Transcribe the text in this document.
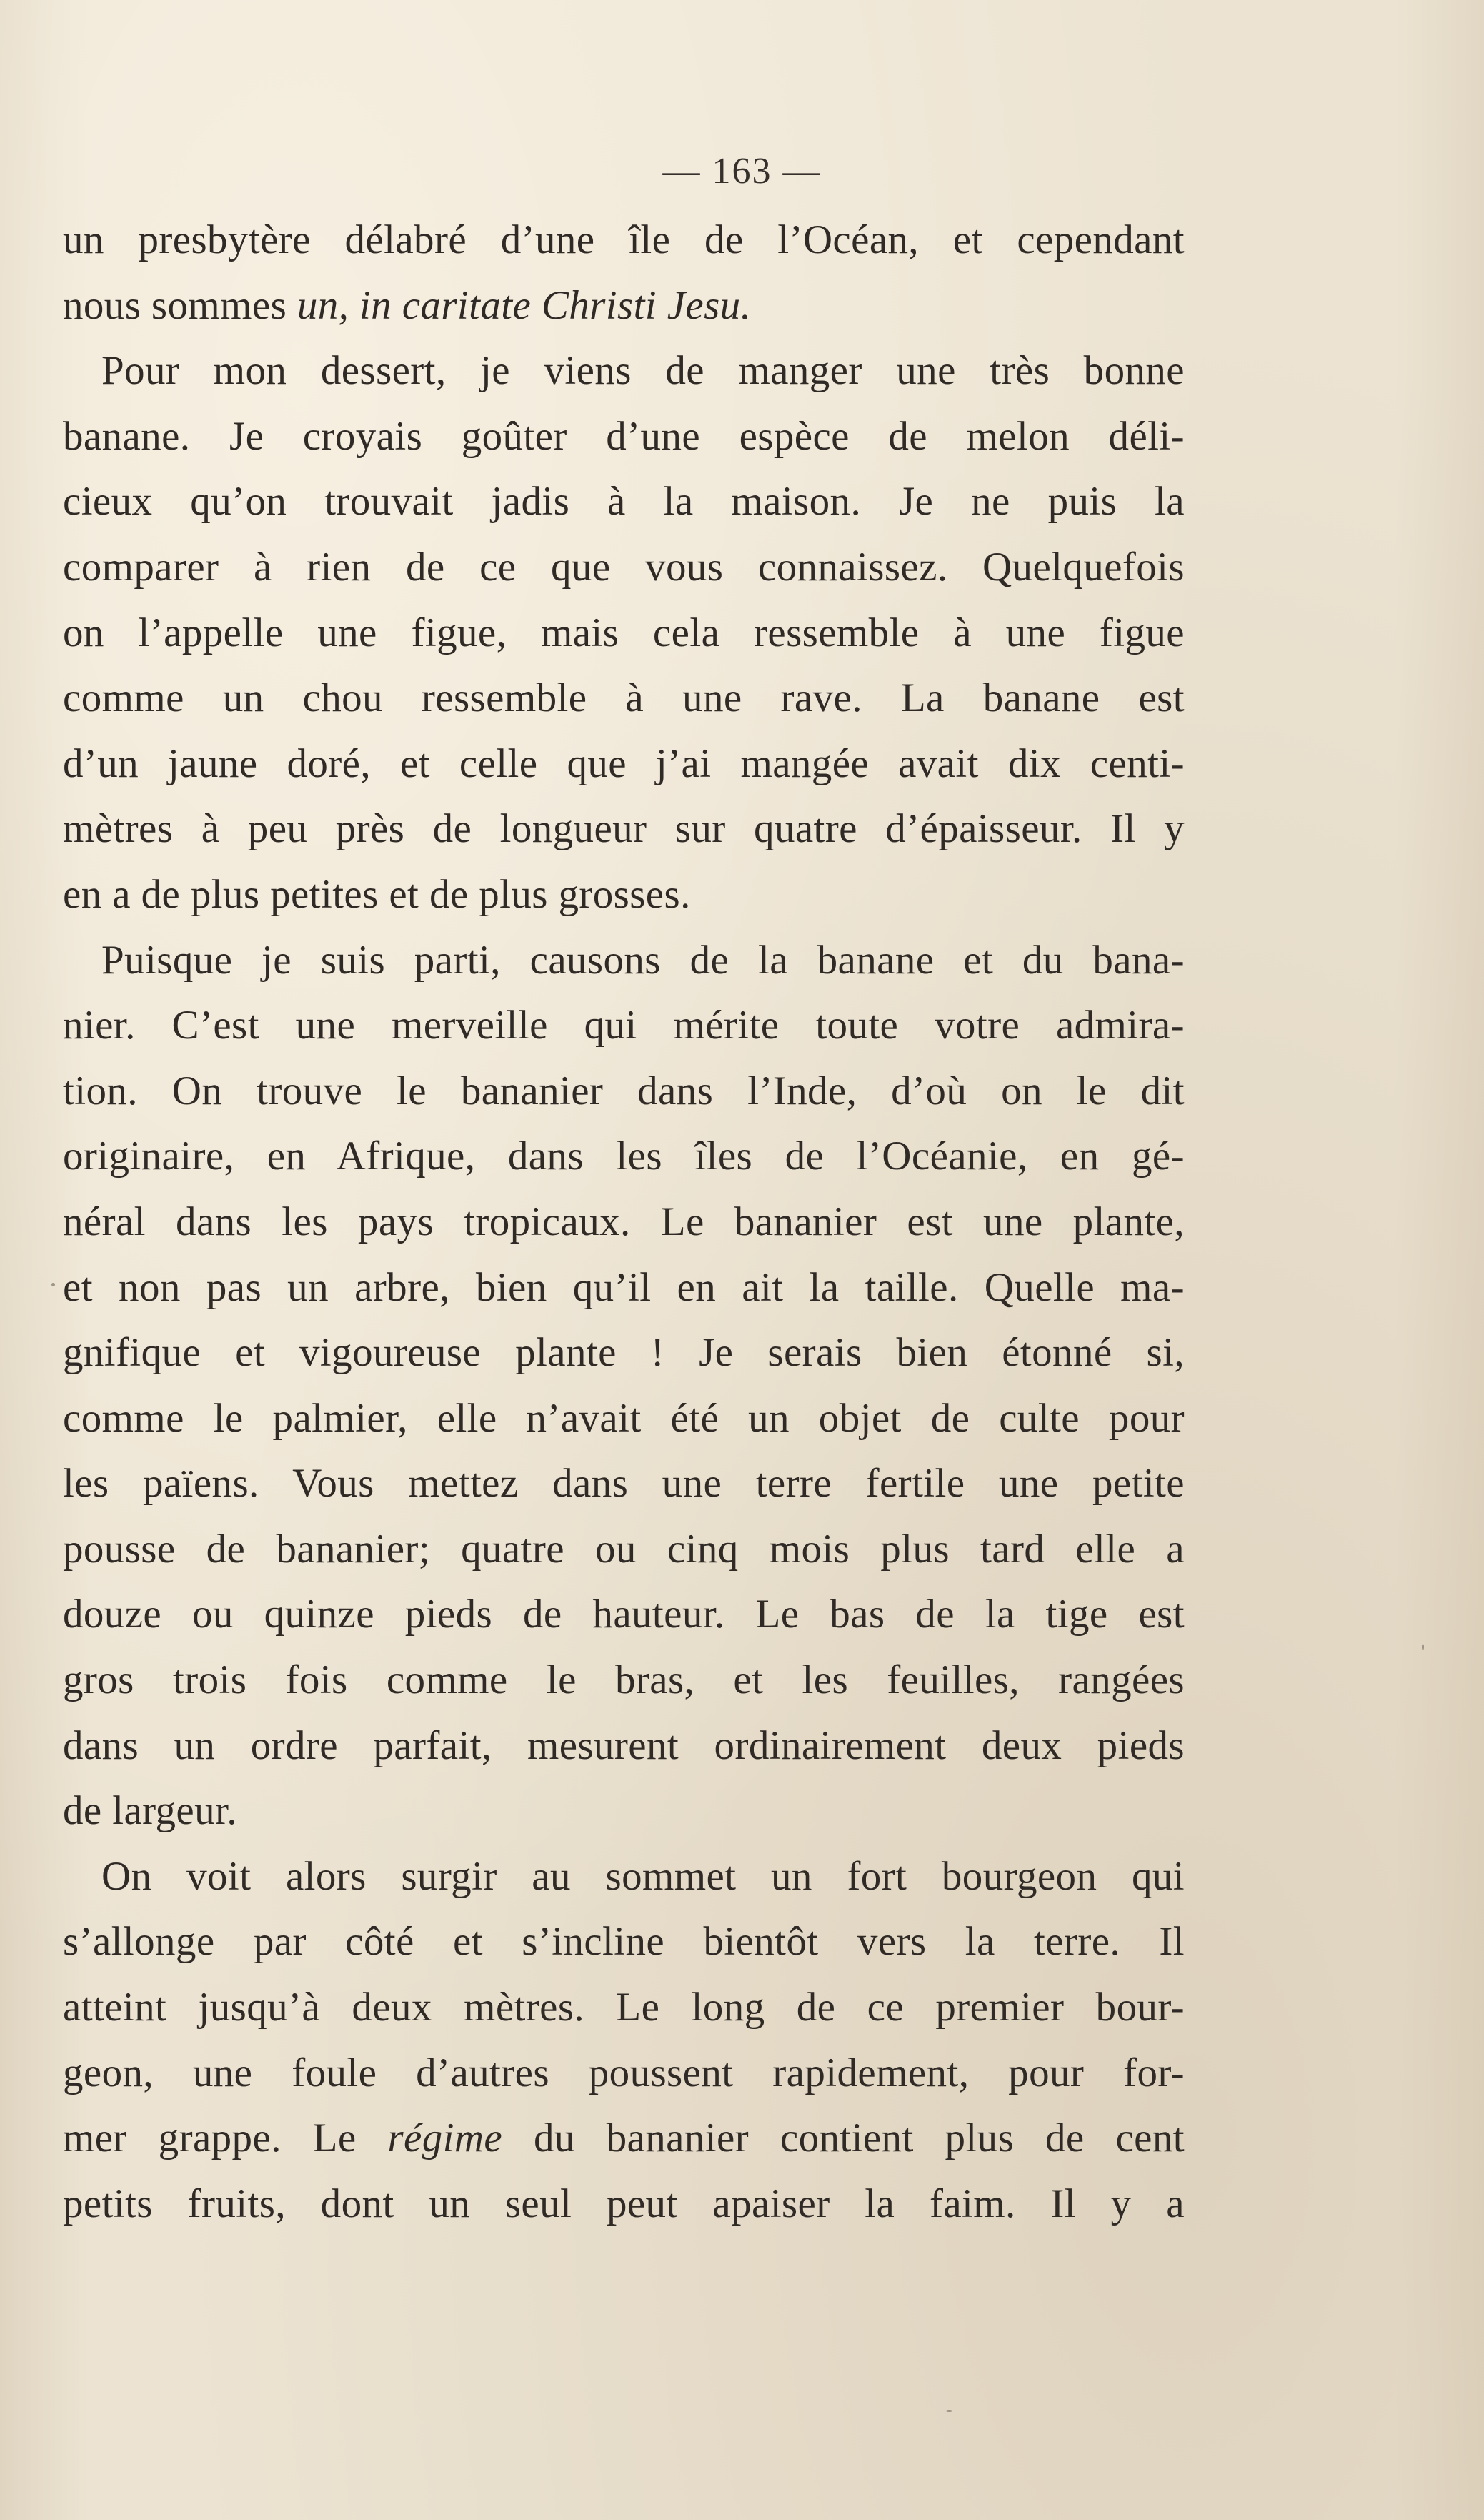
— 163 —
un presbytère délabré d’une île de l’Océan, et cependant
nous sommes un, in caritate Christi Jesu.
Pour mon dessert, je viens de manger une très bonne
banane. Je croyais goûter d’une espèce de melon déli-
cieux qu’on trouvait jadis à la maison. Je ne puis la
comparer à rien de ce que vous connaissez. Quelquefois
on l’appelle une figue, mais cela ressemble à une figue
comme un chou ressemble à une rave. La banane est
d’un jaune doré, et celle que j’ai mangée avait dix centi-
mètres à peu près de longueur sur quatre d’épaisseur. Il y
en a de plus petites et de plus grosses.
Puisque je suis parti, causons de la banane et du bana-
nier. C’est une merveille qui mérite toute votre admira-
tion. On trouve le bananier dans l’Inde, d’où on le dit
originaire, en Afrique, dans les îles de l’Océanie, en gé-
néral dans les pays tropicaux. Le bananier est une plante,
et non pas un arbre, bien qu’il en ait la taille. Quelle ma-
gnifique et vigoureuse plante ! Je serais bien étonné si,
comme le palmier, elle n’avait été un objet de culte pour
les païens. Vous mettez dans une terre fertile une petite
pousse de bananier; quatre ou cinq mois plus tard elle a
douze ou quinze pieds de hauteur. Le bas de la tige est
gros trois fois comme le bras, et les feuilles, rangées
dans un ordre parfait, mesurent ordinairement deux pieds
de largeur.
On voit alors surgir au sommet un fort bourgeon qui
s’allonge par côté et s’incline bientôt vers la terre. Il
atteint jusqu’à deux mètres. Le long de ce premier bour-
geon, une foule d’autres poussent rapidement, pour for-
mer grappe. Le régime du bananier contient plus de cent
petits fruits, dont un seul peut apaiser la faim. Il y a
